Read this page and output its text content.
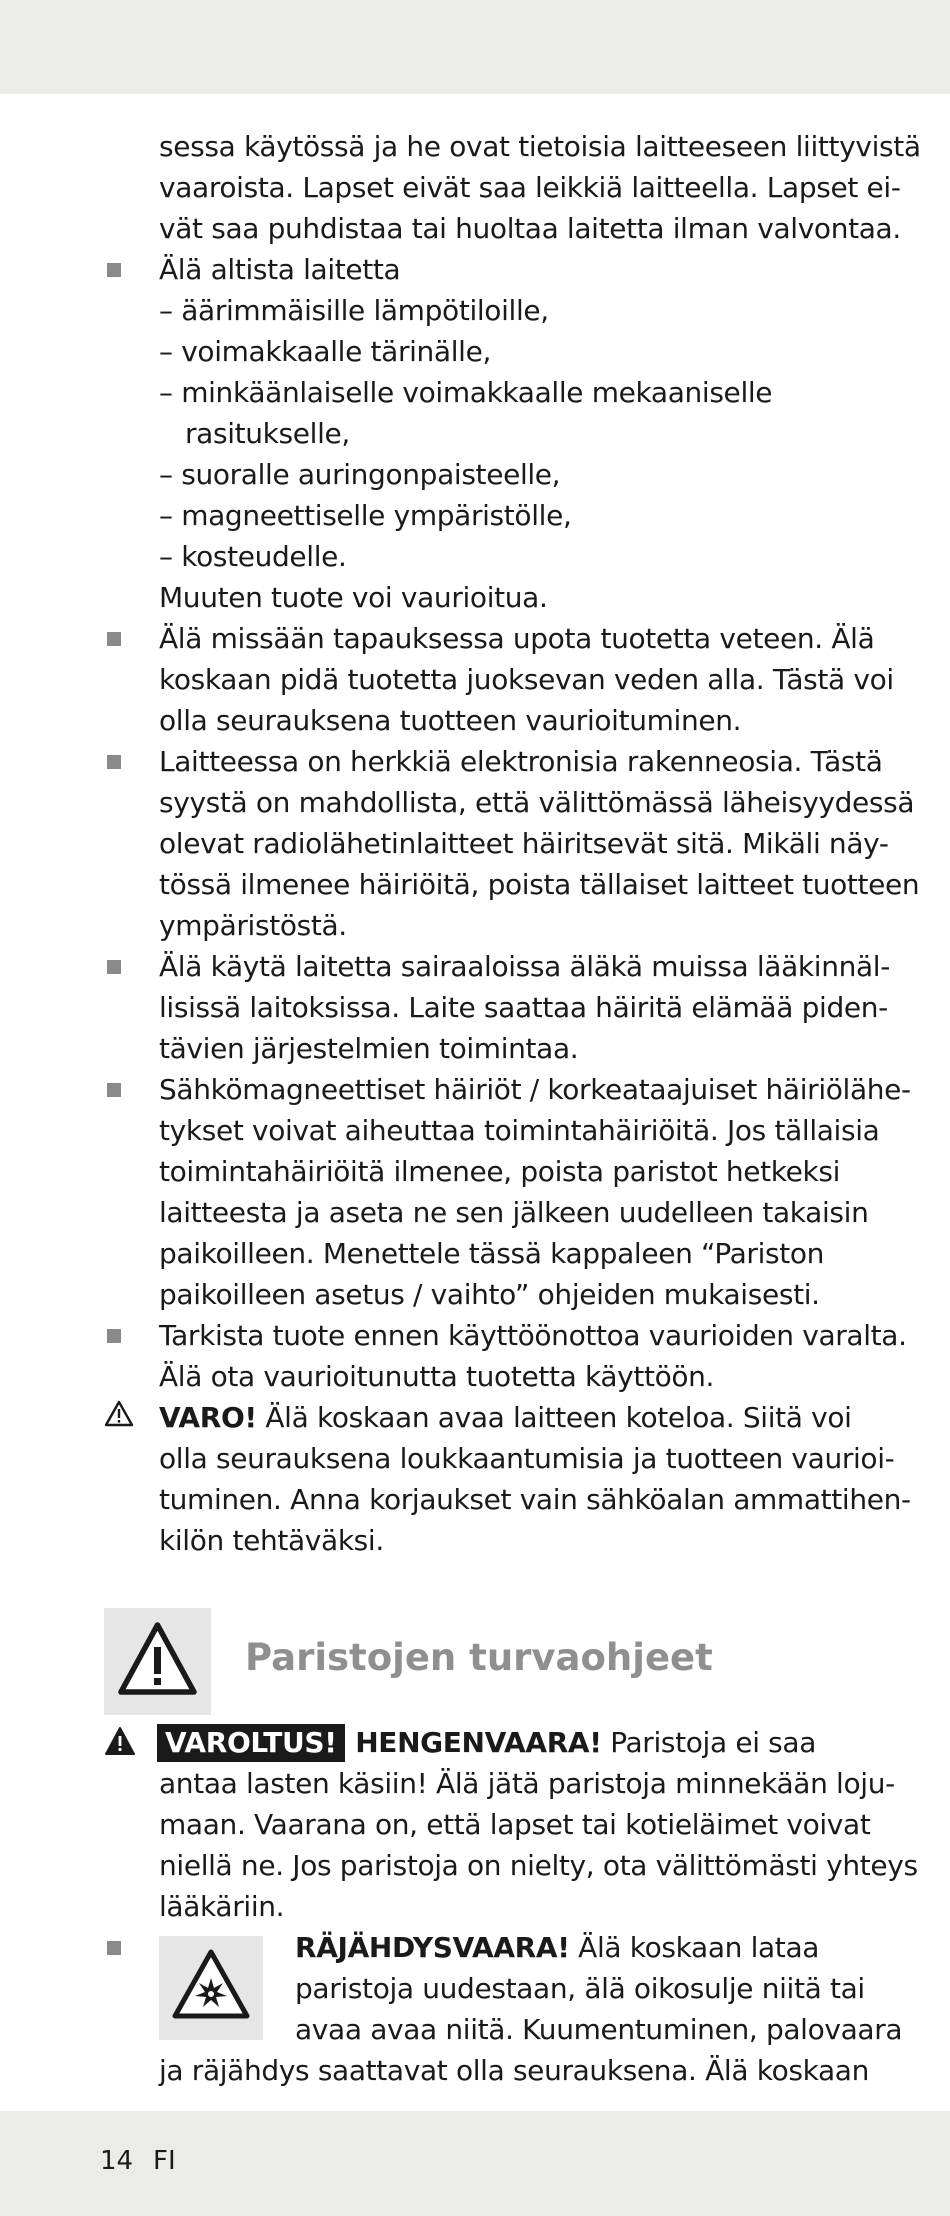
sessa käytössä ja he ovat tietoisia laitteeseen liittyvistä
vaaroista. Lapset eivät saa leikkiä laitteella. Lapset ei-
vät saa puhdistaa tai huoltaa laitetta ilman valvontaa.
Älä altista laitetta
– äärimmäisille lämpötiloille,
– voimakkaalle tärinälle,
– minkäänlaiselle voimakkaalle mekaaniselle
rasitukselle,
– suoralle auringonpaisteelle,
– magneettiselle ympäristölle,
– kosteudelle.
Muuten tuote voi vaurioitua.
Älä missään tapauksessa upota tuotetta veteen. Älä
koskaan pidä tuotetta juoksevan veden alla. Tästä voi
olla seurauksena tuotteen vaurioituminen.
Laitteessa on herkkiä elektronisia rakenneosia. Tästä
syystä on mahdollista, että välittömässä läheisyydessä
olevat radiolähetinlaitteet häiritsevät sitä. Mikäli näy-
tössä ilmenee häiriöitä, poista tällaiset laitteet tuotteen
ympäristöstä.
Älä käytä laitetta sairaaloissa äläkä muissa lääkinnäl-
lisissä laitoksissa. Laite saattaa häiritä elämää piden-
tävien järjestelmien toimintaa.
Sähkömagneettiset häiriöt / korkeataajuiset häiriölähe-
tykset voivat aiheuttaa toimintahäiriöitä. Jos tällaisia
toimintahäiriöitä ilmenee, poista paristot hetkeksi
laitteesta ja aseta ne sen jälkeen uudelleen takaisin
paikoilleen. Menettele tässä kappaleen “Pariston
paikoilleen asetus / vaihto” ohjeiden mukaisesti.
Tarkista tuote ennen käyttöönottoa vaurioiden varalta.
Älä ota vaurioitunutta tuotetta käyttöön.
VARO! Älä koskaan avaa laitteen koteloa. Siitä voi
olla seurauksena loukkaantumisia ja tuotteen vaurioi-
tuminen. Anna korjaukset vain sähköalan ammattihen-
kilön tehtäväksi.
Paristojen turvaohjeet
VAROLTUS! HENGENVAARA! Paristoja ei saa
antaa lasten käsiin! Älä jätä paristoja minnekään loju-
maan. Vaarana on, että lapset tai kotieläimet voivat
niellä ne. Jos paristoja on nielty, ota välittömästi yhteys
lääkäriin.
RÄJÄHDYSVAARA! Älä koskaan lataa
paristoja uudestaan, älä oikosulje niitä tai
avaa avaa niitä. Kuumentuminen, palovaara
ja räjähdys saattavat olla seurauksena. Älä koskaan
14 FI
